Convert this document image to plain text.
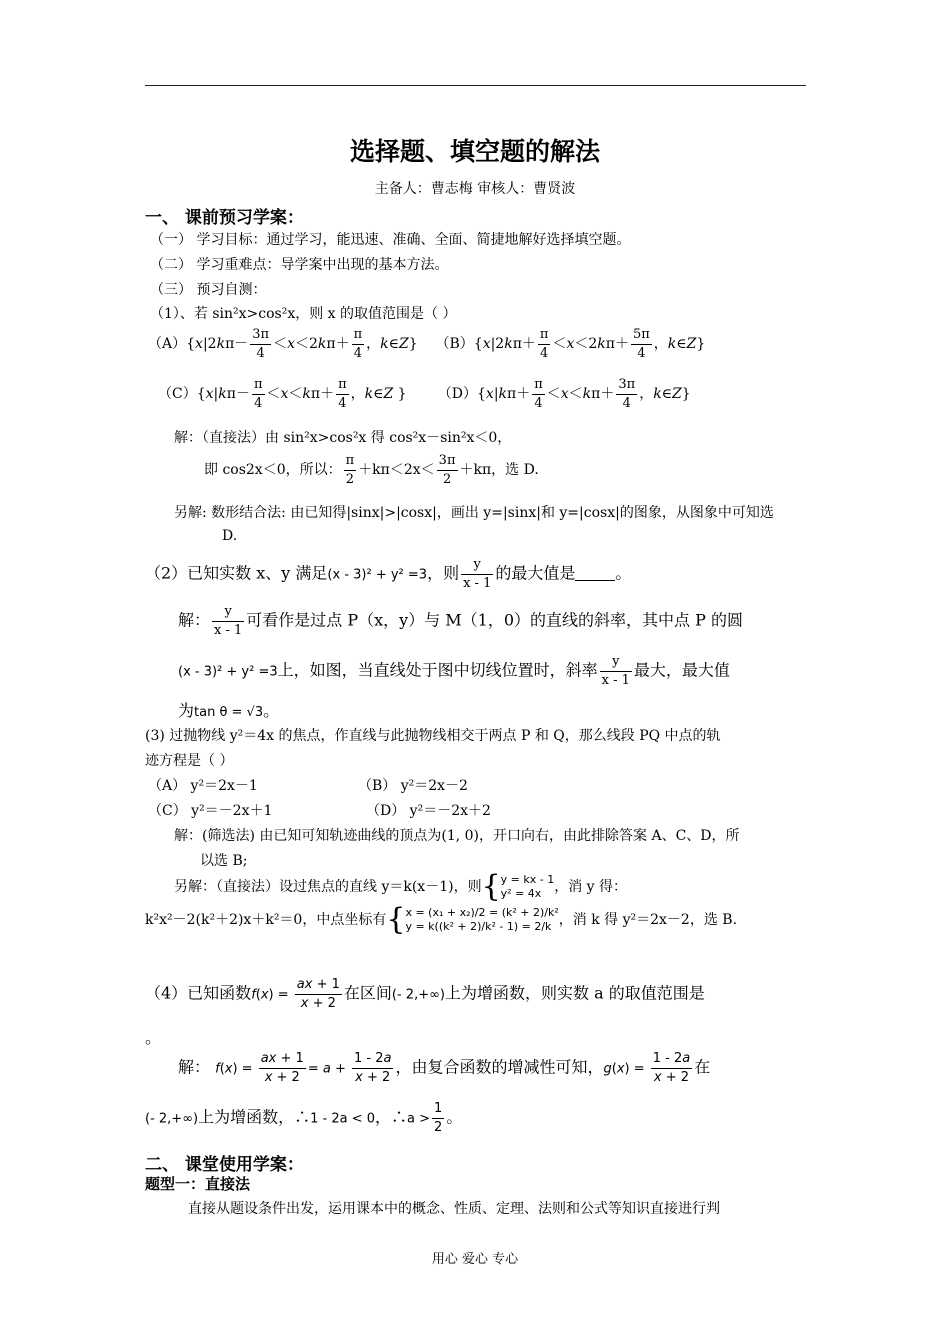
选择题、填空题的解法
主备人：曹志梅 审核人：曹贤波
一、 课前预习学案：
（一） 学习目标：通过学习，能迅速、准确、全面、简捷地解好选择填空题。
（二） 学习重难点：导学案中出现的基本方法。
（三） 预习自测：
（1）、若 sin²x>cos²x，则 x 的取值范围是（ ）
$(A)\{x|2k\pi- \frac{3\pi}{4} <x<2k\pi+ \frac{\pi}{4}$ ，k∈Z}    $(B)\{x|2k\pi+ \frac{\pi}{4} <x<2k\pi+ \frac{5\pi}{4}$ ，k∈Z}
$(C)\{x|k\pi- \frac{\pi}{4} <x<k\pi+ \frac{\pi}{4}$ ，k∈Z }       $(D)\{x|k\pi+ \frac{\pi}{4} <x<k\pi+ \frac{3\pi}{4}$ ，k∈Z}
解：（直接法）由 sin²x>cos²x 得 cos²x－sin²x＜0，
即 cos2x＜0，所以： $\frac{\pi}{2} +k\pi<2x< \frac{3\pi}{2} +k\pi$，选 D.
另解: 数形结合法: 由已知得|sinx|>|cosx|，画出 y=|sinx|和 y=|cosx|的图象，从图象中可知选
D.
（2）已知实数 x、y 满足(x - 3)² + y² =3，则 $\frac{y}{x - 1}$ 的最大值是	。
解： $\frac{y}{x - 1}$ 可看作是过点 P（x，y）与 M（1，0）的直线的斜率，其中点 P 的圆
(x - 3)² + y² =3上，如图，当直线处于图中切线位置时，斜率 $\frac{y}{x - 1}$ 最大，最大值
为tan θ = √3。
(3) 过抛物线 y²＝4x 的焦点，作直线与此抛物线相交于两点 P 和 Q，那么线段 PQ 中点的轨
迹方程是（ ）
（A） y²＝2x－1	（B） y²＝2x－2
（C） y²＝－2x＋1	（D） y²＝－2x＋2
解：(筛选法) 由已知可知轨迹曲线的顶点为(1, 0)，开口向右，由此排除答案 A、C、D，所
以选 B;
另解：（直接法）设过焦点的直线 y＝k(x－1)，则{ y = kx - 1
y² = 4x ，消 y 得：
k²x²－2(k²＋2)x＋k²＝0，中点坐标有{ x = (x₁ + x₂)/2 = (k² + 2)/k²
y = k((k² + 2)/k² - 1) = 2/k ，消 k 得 y²＝2x－2，选 B.
（4）已知函数$f(x) = \frac{ax + 1}{x + 2}$ 在区间(- 2,+∞)上为增函数，则实数 a 的取值范围是
。
解： $f(x) = \frac{ax + 1}{x + 2} = a + \frac{1 - 2a}{x + 2}$ ，由复合函数的增减性可知，$g(x) = \frac{1 - 2a}{x + 2}$ 在
(- 2,+∞)上为增函数，∴1 - 2a < 0，∴a > $\frac{1}{2}$ 。
二、 课堂使用学案：
题型一：直接法
直接从题设条件出发，运用课本中的概念、性质、定理、法则和公式等知识直接进行判
用心 爱心 专心
